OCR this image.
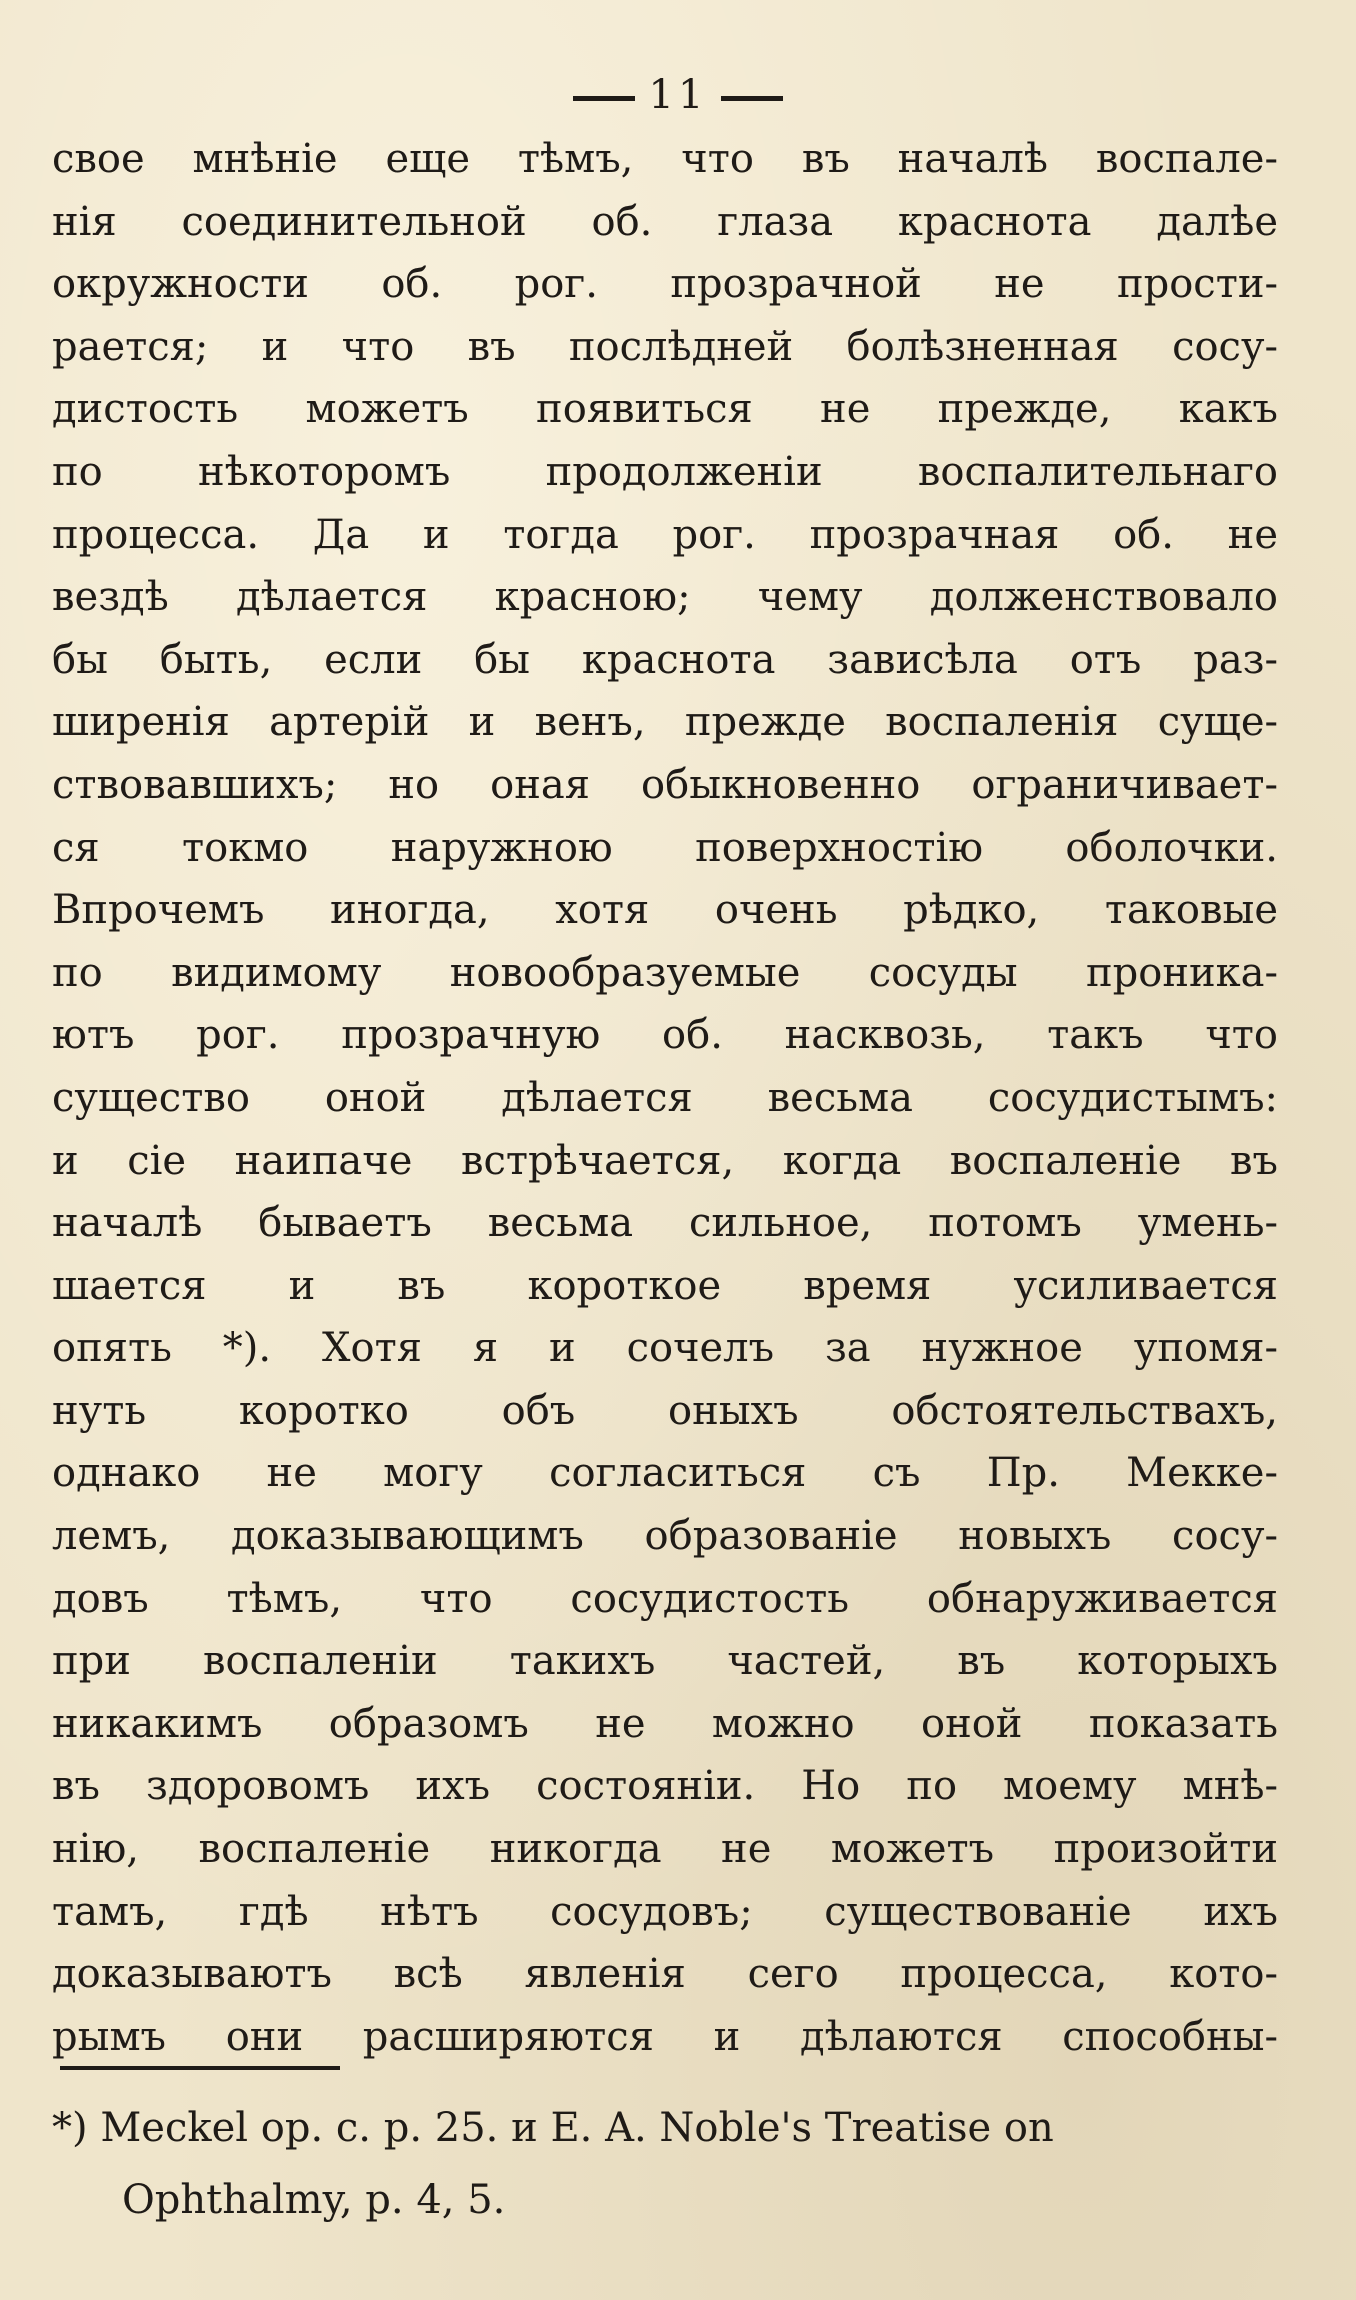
11
свое мнѣніе еще тѣмъ, что въ началѣ воспале-
нія соединительной об. глаза краснота далѣе
окружности об. рог. прозрачной не прости-
рается; и что въ послѣдней болѣзненная сосу-
дистость можетъ появиться не прежде, какъ
по нѣкоторомъ продолженіи воспалительнаго
процесса. Да и тогда рог. прозрачная об. не
вездѣ дѣлается красною; чему долженствовало
бы быть, если бы краснота зависѣла отъ раз-
ширенія артерій и венъ, прежде воспаленія суще-
ствовавшихъ; но оная обыкновенно ограничивает-
ся токмо наружною поверхностію оболочки.
Впрочемъ иногда, хотя очень рѣдко, таковые
по видимому новообразуемые сосуды проника-
ютъ рог. прозрачную об. насквозь, такъ что
существо оной дѣлается весьма сосудистымъ:
и сіе наипаче встрѣчается, когда воспаленіе въ
началѣ бываетъ весьма сильное, потомъ умень-
шается и въ короткое время усиливается
опять *). Хотя я и сочелъ за нужное упомя-
нуть коротко объ оныхъ обстоятельствахъ,
однако не могу согласиться съ Пр. Мекке-
лемъ, доказывающимъ образованіе новыхъ сосу-
довъ тѣмъ, что сосудистость обнаруживается
при воспаленіи такихъ частей, въ которыхъ
никакимъ образомъ не можно оной показать
въ здоровомъ ихъ состояніи. Но по моему мнѣ-
нію, воспаленіе никогда не можетъ произойти
тамъ, гдѣ нѣтъ сосудовъ; существованіе ихъ
доказываютъ всѣ явленія сего процесса, кото-
рымъ они расширяются и дѣлаются способны-
*) Meckel op. c. p. 25. и E. A. Noble's Treatise on
Ophthalmy, p. 4, 5.
